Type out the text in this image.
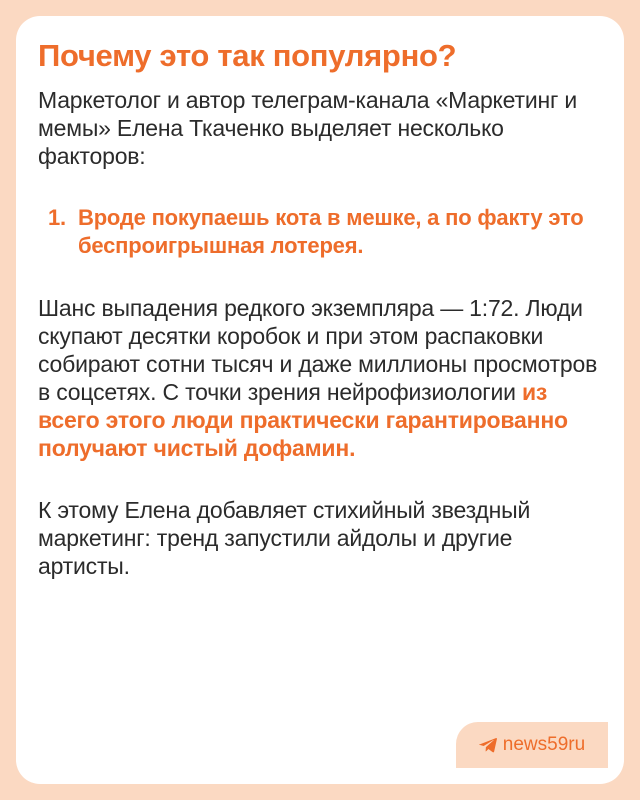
Почему это так популярно?

Маркетолог и автор телеграм-канала «Маркетинг и мемы» Елена Ткаченко выделяет несколько факторов:

1. Вроде покупаешь кота в мешке, а по факту это беспроигрышная лотерея.

Шанс выпадения редкого экземпляра — 1:72. Люди скупают десятки коробок и при этом распаковки собирают сотни тысяч и даже миллионы просмотров в соцсетях. С точки зрения нейрофизиологии из всего этого люди практически гарантированно получают чистый дофамин.

К этому Елена добавляет стихийный звездный маркетинг: тренд запустили айдолы и другие артисты.

news59ru
